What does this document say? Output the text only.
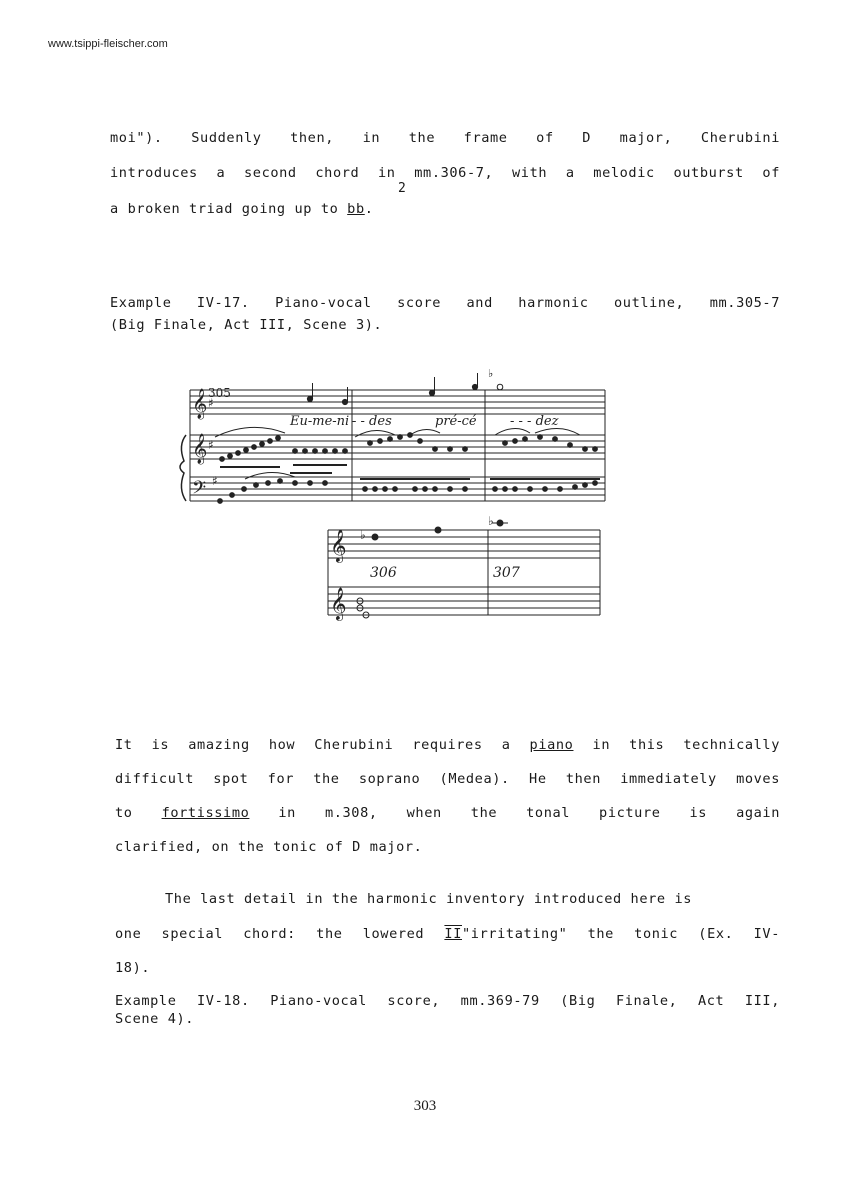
www.tsippi-fleischer.com
moi"). Suddenly then, in the frame of D major, Cherubini
introduces a second chord in mm.306-7, with a melodic outburst of
2
a broken triad going up to bb.
Example IV-17. Piano-vocal score and harmonic outline, mm.305-7
(Big Finale, Act III, Scene 3).
𝄞
𝄞
𝄢
305
♯
♯
♯
♭
Eu-me-ni - - des	pré-cé	- - - dez
𝄞
𝄞
♭
♭
306	307
It is amazing how Cherubini requires a piano in this technically
difficult spot for the soprano (Medea). He then immediately moves
to fortissimo in m.308, when the tonal picture is again
clarified, on the tonic of D major.
The last detail in the harmonic inventory introduced here is
one special chord: the lowered II"irritating" the tonic (Ex. IV-
18).
Example IV-18. Piano-vocal score, mm.369-79 (Big Finale, Act III,
Scene 4).
303
